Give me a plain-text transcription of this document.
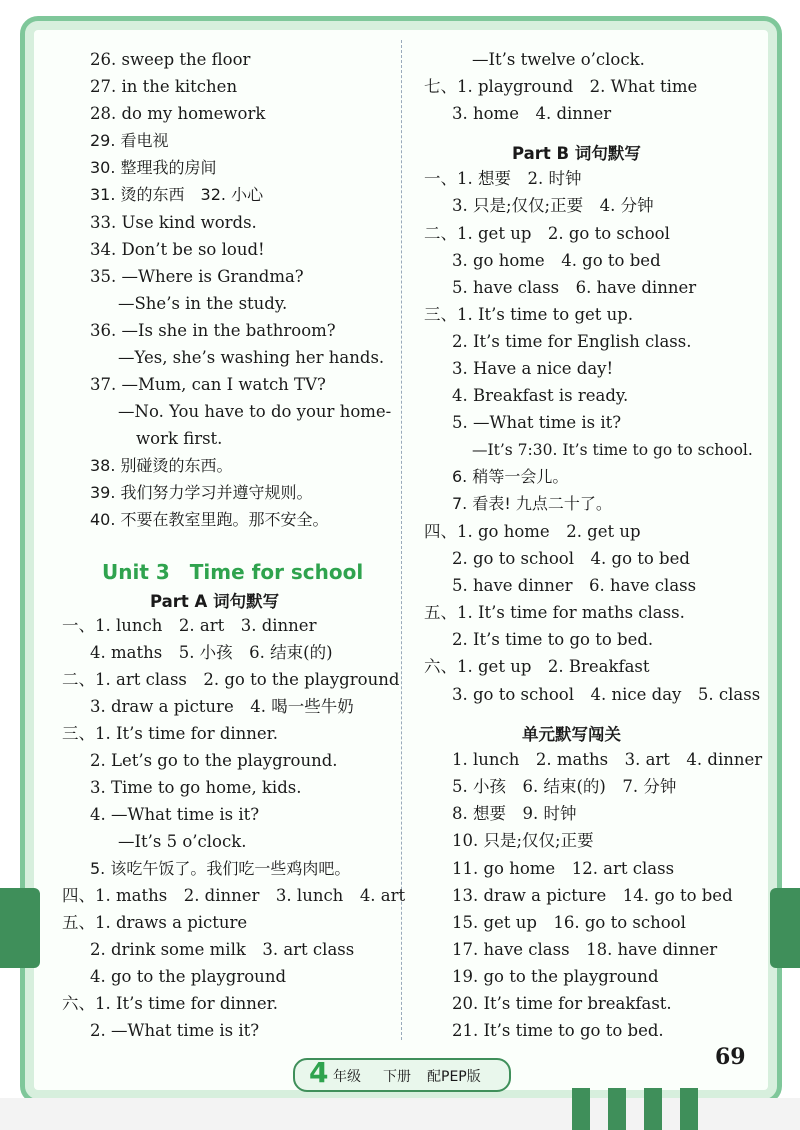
26. sweep the floor
27. in the kitchen
28. do my homework
29. 看电视
30. 整理我的房间
31. 烫的东西　32. 小心
33. Use kind words.
34. Don’t be so loud!
35. —Where is Grandma?
—She’s in the study.
36. —Is she in the bathroom?
—Yes, she’s washing her hands.
37. —Mum, can I watch TV?
—No. You have to do your home-
work first.
38. 别碰烫的东西。
39. 我们努力学习并遵守规则。
40. 不要在教室里跑。那不安全。
Unit 3　Time for school
Part A 词句默写
一、1. lunch　2. art　3. dinner
4. maths　5. 小孩　6. 结束(的)
二、1. art class　2. go to the playground
3. draw a picture　4. 喝一些牛奶
三、1. It’s time for dinner.
2. Let’s go to the playground.
3. Time to go home, kids.
4. —What time is it?
—It’s 5 o’clock.
5. 该吃午饭了。我们吃一些鸡肉吧。
四、1. maths　2. dinner　3. lunch　4. art
五、1. draws a picture
2. drink some milk　3. art class
4. go to the playground
六、1. It’s time for dinner.
2. —What time is it?
—It’s twelve o’clock.
七、1. playground　2. What time
3. home　4. dinner
Part B 词句默写
一、1. 想要　2. 时钟
3. 只是;仅仅;正要　4. 分钟
二、1. get up　2. go to school
3. go home　4. go to bed
5. have class　6. have dinner
三、1. It’s time to get up.
2. It’s time for English class.
3. Have a nice day!
4. Breakfast is ready.
5. —What time is it?
—It’s 7:30. It’s time to go to school.
6. 稍等一会儿。
7. 看表! 九点二十了。
四、1. go home　2. get up
2. go to school　4. go to bed
5. have dinner　6. have class
五、1. It’s time for maths class.
2. It’s time to go to bed.
六、1. get up　2. Breakfast
3. go to school　4. nice day　5. class
单元默写闯关
1. lunch　2. maths　3. art　4. dinner
5. 小孩　6. 结束(的)　7. 分钟
8. 想要　9. 时钟
10. 只是;仅仅;正要
11. go home　12. art class
13. draw a picture　14. go to bed
15. get up　16. go to school
17. have class　18. have dinner
19. go to the playground
20. It’s time for breakfast.
21. It’s time to go to bed.
4 年级 下册 配PEP版
69
